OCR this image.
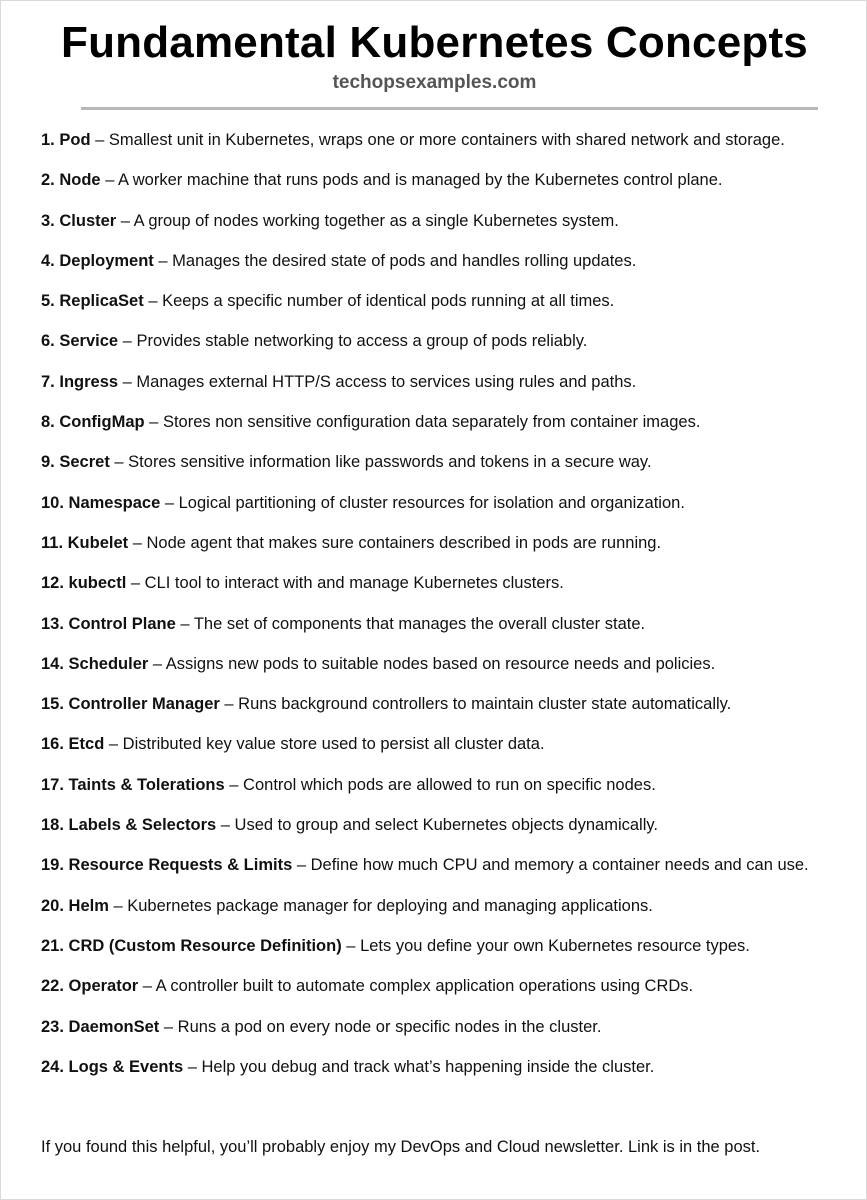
Fundamental Kubernetes Concepts
techopsexamples.com
1. Pod – Smallest unit in Kubernetes, wraps one or more containers with shared network and storage.
2. Node – A worker machine that runs pods and is managed by the Kubernetes control plane.
3. Cluster – A group of nodes working together as a single Kubernetes system.
4. Deployment – Manages the desired state of pods and handles rolling updates.
5. ReplicaSet – Keeps a specific number of identical pods running at all times.
6. Service – Provides stable networking to access a group of pods reliably.
7. Ingress – Manages external HTTP/S access to services using rules and paths.
8. ConfigMap – Stores non sensitive configuration data separately from container images.
9. Secret – Stores sensitive information like passwords and tokens in a secure way.
10. Namespace – Logical partitioning of cluster resources for isolation and organization.
11. Kubelet – Node agent that makes sure containers described in pods are running.
12. kubectl – CLI tool to interact with and manage Kubernetes clusters.
13. Control Plane – The set of components that manages the overall cluster state.
14. Scheduler – Assigns new pods to suitable nodes based on resource needs and policies.
15. Controller Manager – Runs background controllers to maintain cluster state automatically.
16. Etcd – Distributed key value store used to persist all cluster data.
17. Taints & Tolerations – Control which pods are allowed to run on specific nodes.
18. Labels & Selectors – Used to group and select Kubernetes objects dynamically.
19. Resource Requests & Limits – Define how much CPU and memory a container needs and can use.
20. Helm – Kubernetes package manager for deploying and managing applications.
21. CRD (Custom Resource Definition) – Lets you define your own Kubernetes resource types.
22. Operator – A controller built to automate complex application operations using CRDs.
23. DaemonSet – Runs a pod on every node or specific nodes in the cluster.
24. Logs & Events – Help you debug and track what’s happening inside the cluster.
If you found this helpful, you’ll probably enjoy my DevOps and Cloud newsletter. Link is in the post.
